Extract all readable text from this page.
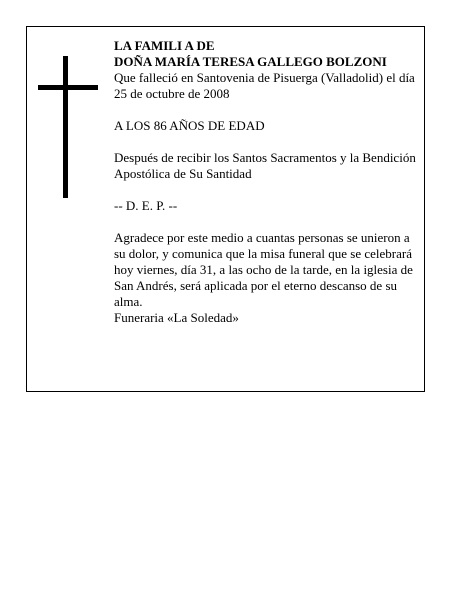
LA FAMILI A DE

DOÑA MARÍA TERESA GALLEGO BOLZONI

Que falleció en Santovenia de Pisuerga (Valladolid) el día 25 de octubre de 2008

A LOS 86 AÑOS DE EDAD

Después de recibir los Santos Sacramentos y la Bendición Apostólica de Su Santidad

-- D. E. P. --

Agradece por este medio a cuantas personas se unieron a su dolor, y comunica que la misa funeral que se celebrará hoy viernes, día 31, a las ocho de la tarde, en la iglesia de San Andrés, será aplicada por el eterno descanso de su alma.

Funeraria «La Soledad»
